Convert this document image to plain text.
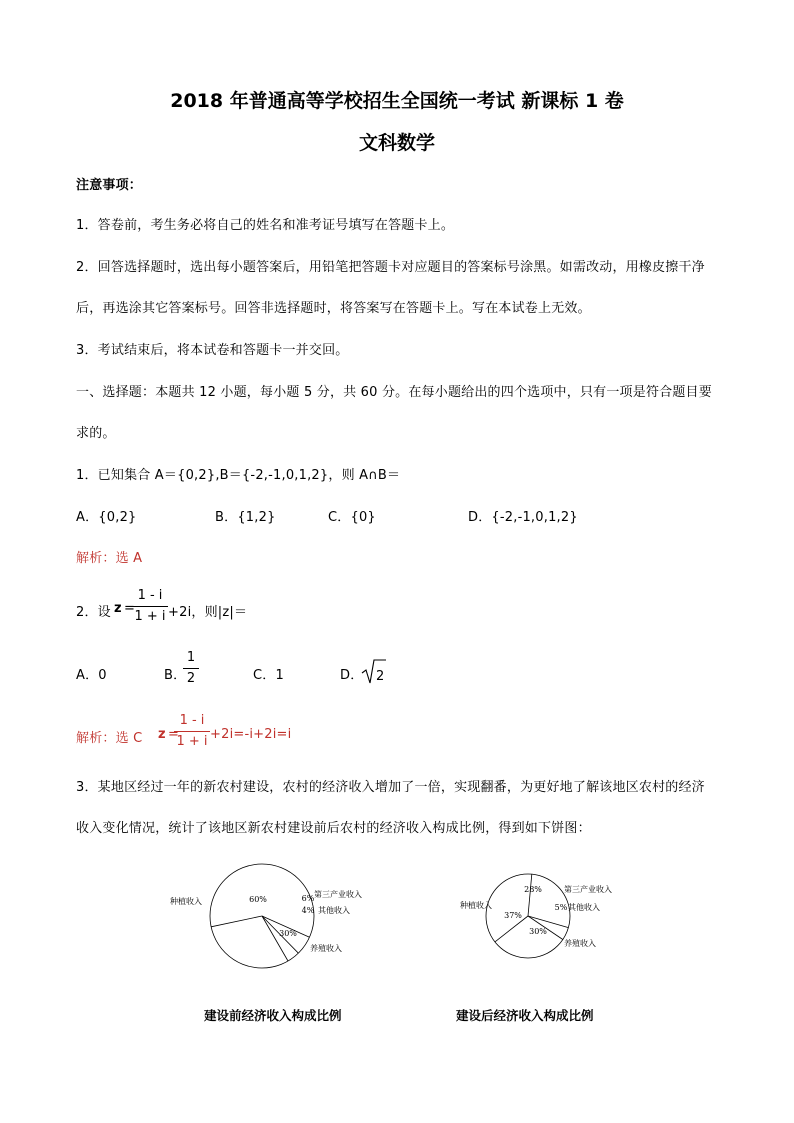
2018 年普通高等学校招生全国统一考试 新课标 1 卷
文科数学
注意事项：
1．答卷前，考生务必将自己的姓名和准考证号填写在答题卡上。
2．回答选择题时，选出每小题答案后，用铅笔把答题卡对应题目的答案标号涂黑。如需改动，用橡皮擦干净
后，再选涂其它答案标号。回答非选择题时，将答案写在答题卡上。写在本试卷上无效。
3．考试结束后，将本试卷和答题卡一并交回。
一、选择题：本题共 12 小题，每小题 5 分，共 60 分。在每小题给出的四个选项中，只有一项是符合题目要
求的。
1．已知集合 A＝{0,2},B＝{-2,-1,0,1,2}，则 A∩B＝
A．{0,2}	B．{1,2}	C．{0}	D．{-2,-1,0,1,2}
解析：选 A
2．设 z =
1 - i
1 + i +2i，则|z|＝
A．0	B．
1
2	C．1	D． 2
解析：选 C z =
1 - i
1 + i +2i=-i+2i=i
3．某地区经过一年的新农村建设，农村的经济收入增加了一倍，实现翻番，为更好地了解该地区农村的经济
收入变化情况，统计了该地区新农村建设前后农村的经济收入构成比例，得到如下饼图：
60%	6%
4%
30%
种植收入
第三产业收入
其他收入
养殖收入
37%
28%
5%
30%
种植收入
第三产业收入
其他收入
养殖收入
建设前经济收入构成比例	建设后经济收入构成比例
